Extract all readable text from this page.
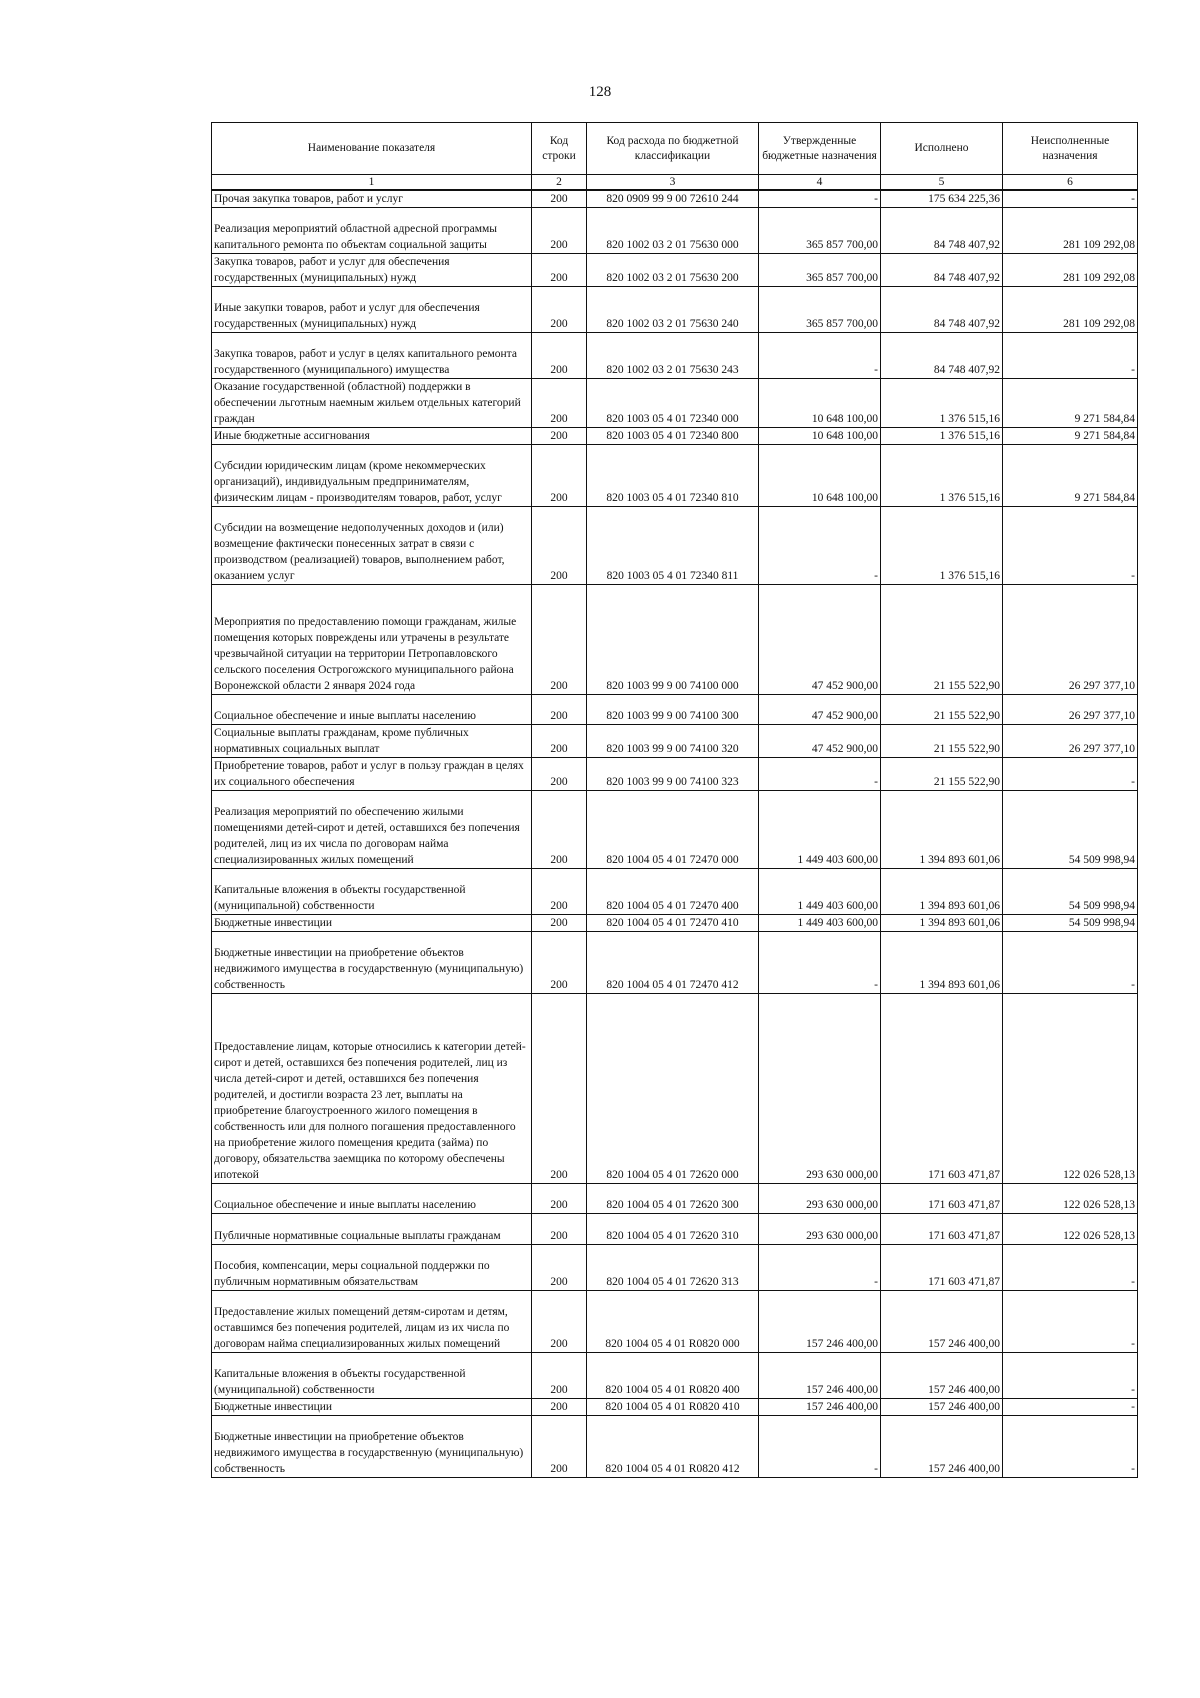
128
Наименование показателя	Код строки	Код расхода по бюджетной классификации	Утвержденные бюджетные назначения	Исполнено	Неисполненные назначения
1	2	3	4	5	6
Прочая закупка товаров, работ и услуг	200	820 0909 99 9 00 72610 244	-	175 634 225,36	-
Реализация мероприятий областной адресной программы капитального ремонта по объектам социальной защиты	200	820 1002 03 2 01 75630 000	365 857 700,00	84 748 407,92	281 109 292,08
Закупка товаров, работ и услуг для обеспечения государственных (муниципальных) нужд	200	820 1002 03 2 01 75630 200	365 857 700,00	84 748 407,92	281 109 292,08
Иные закупки товаров, работ и услуг для обеспечения государственных (муниципальных) нужд	200	820 1002 03 2 01 75630 240	365 857 700,00	84 748 407,92	281 109 292,08
Закупка товаров, работ и услуг в целях капитального ремонта государственного (муниципального) имущества	200	820 1002 03 2 01 75630 243	-	84 748 407,92	-
Оказание государственной (областной) поддержки в обеспечении льготным наемным жильем отдельных категорий граждан	200	820 1003 05 4 01 72340 000	10 648 100,00	1 376 515,16	9 271 584,84
Иные бюджетные ассигнования	200	820 1003 05 4 01 72340 800	10 648 100,00	1 376 515,16	9 271 584,84
Субсидии юридическим лицам (кроме некоммерческих организаций), индивидуальным предпринимателям, физическим лицам - производителям товаров, работ, услуг	200	820 1003 05 4 01 72340 810	10 648 100,00	1 376 515,16	9 271 584,84
Субсидии на возмещение недополученных доходов и (или) возмещение фактически понесенных затрат в связи с производством (реализацией) товаров, выполнением работ, оказанием услуг	200	820 1003 05 4 01 72340 811	-	1 376 515,16	-
Мероприятия по предоставлению помощи гражданам, жилые помещения которых повреждены или утрачены в результате чрезвычайной ситуации на территории Петропавловского сельского поселения Острогожского муниципального района Воронежской области 2 января 2024 года	200	820 1003 99 9 00 74100 000	47 452 900,00	21 155 522,90	26 297 377,10
Социальное обеспечение и иные выплаты населению	200	820 1003 99 9 00 74100 300	47 452 900,00	21 155 522,90	26 297 377,10
Социальные выплаты гражданам, кроме публичных нормативных социальных выплат	200	820 1003 99 9 00 74100 320	47 452 900,00	21 155 522,90	26 297 377,10
Приобретение товаров, работ и услуг в пользу граждан в целях их социального обеспечения	200	820 1003 99 9 00 74100 323	-	21 155 522,90	-
Реализация мероприятий по обеспечению жилыми помещениями детей-сирот и детей, оставшихся без попечения родителей, лиц из их числа по договорам найма специализированных жилых помещений	200	820 1004 05 4 01 72470 000	1 449 403 600,00	1 394 893 601,06	54 509 998,94
Капитальные вложения в объекты государственной (муниципальной) собственности	200	820 1004 05 4 01 72470 400	1 449 403 600,00	1 394 893 601,06	54 509 998,94
Бюджетные инвестиции	200	820 1004 05 4 01 72470 410	1 449 403 600,00	1 394 893 601,06	54 509 998,94
Бюджетные инвестиции на приобретение объектов недвижимого имущества в государственную (муниципальную) собственность	200	820 1004 05 4 01 72470 412	-	1 394 893 601,06	-
Предоставление лицам, которые относились к категории детей-сирот и детей, оставшихся без попечения родителей, лиц из числа детей-сирот и детей, оставшихся без попечения родителей, и достигли возраста 23 лет, выплаты на приобретение благоустроенного жилого помещения в собственность или для полного погашения предоставленного на приобретение жилого помещения кредита (займа) по договору, обязательства заемщика по которому обеспечены ипотекой	200	820 1004 05 4 01 72620 000	293 630 000,00	171 603 471,87	122 026 528,13
Социальное обеспечение и иные выплаты населению	200	820 1004 05 4 01 72620 300	293 630 000,00	171 603 471,87	122 026 528,13
Публичные нормативные социальные выплаты гражданам	200	820 1004 05 4 01 72620 310	293 630 000,00	171 603 471,87	122 026 528,13
Пособия, компенсации, меры социальной поддержки по публичным нормативным обязательствам	200	820 1004 05 4 01 72620 313	-	171 603 471,87	-
Предоставление жилых помещений детям-сиротам и детям, оставшимся без попечения родителей, лицам из их числа по договорам найма специализированных жилых помещений	200	820 1004 05 4 01 R0820 000	157 246 400,00	157 246 400,00	-
Капитальные вложения в объекты государственной (муниципальной) собственности	200	820 1004 05 4 01 R0820 400	157 246 400,00	157 246 400,00	-
Бюджетные инвестиции	200	820 1004 05 4 01 R0820 410	157 246 400,00	157 246 400,00	-
Бюджетные инвестиции на приобретение объектов недвижимого имущества в государственную (муниципальную) собственность	200	820 1004 05 4 01 R0820 412	-	157 246 400,00	-
